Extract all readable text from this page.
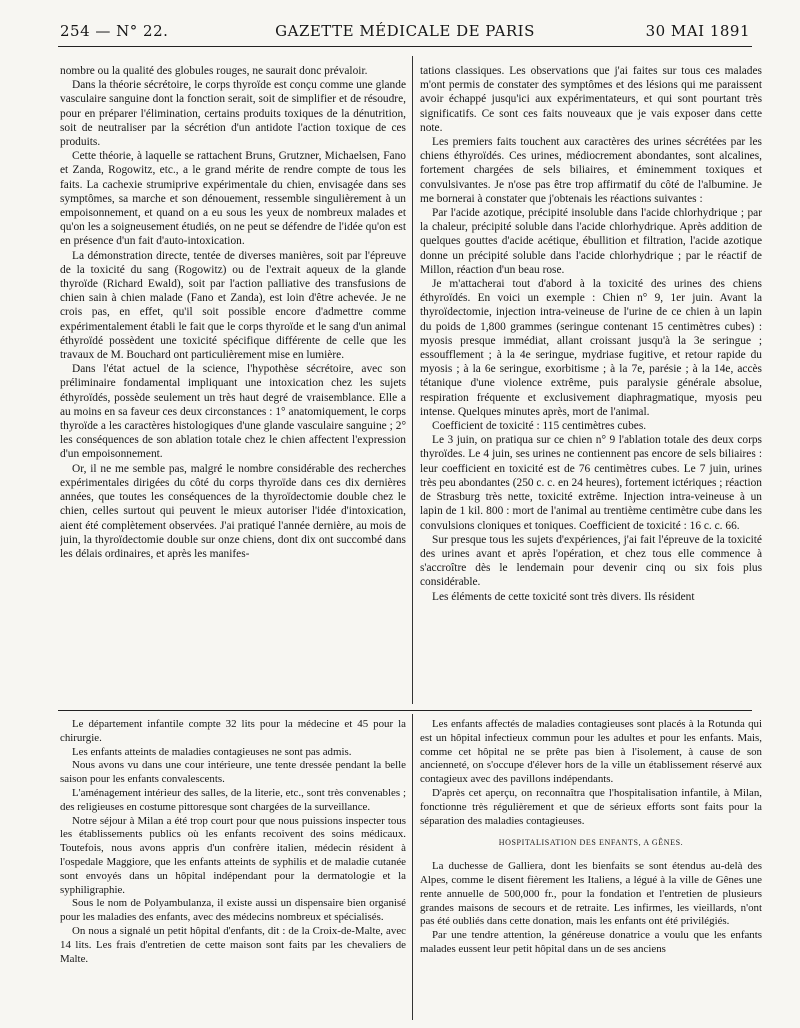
254 — N° 22.	GAZETTE MÉDICALE DE PARIS	30 MAI 1891

nombre ou la qualité des globules rouges, ne saurait donc prévaloir.

Dans la théorie sécrétoire, le corps thyroïde est conçu comme une glande vasculaire sanguine dont la fonction serait, soit de simplifier et de résoudre, pour en préparer l'élimination, certains produits toxiques de la dénutrition, soit de neutraliser par la sécrétion d'un antidote l'action toxique de ces produits.

Cette théorie, à laquelle se rattachent Bruns, Grutzner, Michaelsen, Fano et Zanda, Rogowitz, etc., a le grand mérite de rendre compte de tous les faits. La cachexie strumiprive expérimentale du chien, envisagée dans ses symptômes, sa marche et son dénouement, ressemble singulièrement à un empoisonnement, et quand on a eu sous les yeux de nombreux malades et qu'on les a soigneusement étudiés, on ne peut se défendre de l'idée qu'on est en présence d'un fait d'auto-intoxication.

La démonstration directe, tentée de diverses manières, soit par l'épreuve de la toxicité du sang (Rogowitz) ou de l'extrait aqueux de la glande thyroïde (Richard Ewald), soit par l'action palliative des transfusions de chien sain à chien malade (Fano et Zanda), est loin d'être achevée. Je ne crois pas, en effet, qu'il soit possible encore d'admettre comme expérimentalement établi le fait que le corps thyroïde et le sang d'un animal éthyroïdé possèdent une toxicité spécifique différente de celle que les travaux de M. Bouchard ont particulièrement mise en lumière.

Dans l'état actuel de la science, l'hypothèse sécrétoire, avec son préliminaire fondamental impliquant une intoxication chez les sujets éthyroïdés, possède seulement un très haut degré de vraisemblance. Elle a au moins en sa faveur ces deux circonstances : 1° anatomiquement, le corps thyroïde a les caractères histologiques d'une glande vasculaire sanguine ; 2° les conséquences de son ablation totale chez le chien affectent l'expression d'un empoisonnement.

Or, il ne me semble pas, malgré le nombre considérable des recherches expérimentales dirigées du côté du corps thyroïde dans ces dix dernières années, que toutes les conséquences de la thyroïdectomie double chez le chien, celles surtout qui peuvent le mieux autoriser l'idée d'intoxication, aient été complètement observées. J'ai pratiqué l'année dernière, au mois de juin, la thyroïdectomie double sur onze chiens, dont dix ont succombé dans les délais ordinaires, et après les manifes-

tations classiques. Les observations que j'ai faites sur tous ces malades m'ont permis de constater des symptômes et des lésions qui me paraissent avoir échappé jusqu'ici aux expérimentateurs, et qui sont pourtant très significatifs. Ce sont ces faits nouveaux que je vais exposer dans cette note.

Les premiers faits touchent aux caractères des urines sécrétées par les chiens éthyroïdés. Ces urines, médiocrement abondantes, sont alcalines, fortement chargées de sels biliaires, et éminemment toxiques et convulsivantes. Je n'ose pas être trop affirmatif du côté de l'albumine. Je me bornerai à constater que j'obtenais les réactions suivantes :

Par l'acide azotique, précipité insoluble dans l'acide chlorhydrique ; par la chaleur, précipité soluble dans l'acide chlorhydrique. Après addition de quelques gouttes d'acide acétique, ébullition et filtration, l'acide azotique donne un précipité soluble dans l'acide chlorhydrique ; par le réactif de Millon, réaction d'un beau rose.

Je m'attacherai tout d'abord à la toxicité des urines des chiens éthyroïdés. En voici un exemple : Chien n° 9, 1er juin. Avant la thyroïdectomie, injection intra-veineuse de l'urine de ce chien à un lapin du poids de 1,800 grammes (seringue contenant 15 centimètres cubes) : myosis presque immédiat, allant croissant jusqu'à la 3e seringue ; essoufflement ; à la 4e seringue, mydriase fugitive, et retour rapide du myosis ; à la 6e seringue, exorbitisme ; à la 7e, parésie ; à la 14e, accès tétanique d'une violence extrême, puis paralysie générale absolue, respiration fréquente et exclusivement diaphragmatique, myosis peu intense. Quelques minutes après, mort de l'animal.

Coefficient de toxicité : 115 centimètres cubes.

Le 3 juin, on pratiqua sur ce chien n° 9 l'ablation totale des deux corps thyroïdes. Le 4 juin, ses urines ne contiennent pas encore de sels biliaires : leur coefficient en toxicité est de 76 centimètres cubes. Le 7 juin, urines très peu abondantes (250 c. c. en 24 heures), fortement ictériques ; réaction de Strasburg très nette, toxicité extrême. Injection intra-veineuse à un lapin de 1 kil. 800 : mort de l'animal au trentième centimètre cube dans les convulsions cloniques et toniques. Coefficient de toxicité : 16 c. c. 66.

Sur presque tous les sujets d'expériences, j'ai fait l'épreuve de la toxicité des urines avant et après l'opération, et chez tous elle commence à s'accroître dès le lendemain pour devenir cinq ou six fois plus considérable.

Les éléments de cette toxicité sont très divers. Ils résident

Le département infantile compte 32 lits pour la médecine et 45 pour la chirurgie.

Les enfants atteints de maladies contagieuses ne sont pas admis.

Nous avons vu dans une cour intérieure, une tente dressée pendant la belle saison pour les enfants convalescents.

L'aménagement intérieur des salles, de la literie, etc., sont très convenables ; des religieuses en costume pittoresque sont chargées de la surveillance.

Notre séjour à Milan a été trop court pour que nous puissions inspecter tous les établissements publics où les enfants recoivent des soins médicaux. Toutefois, nous avons appris d'un confrère italien, médecin résident à l'ospedale Maggiore, que les enfants atteints de syphilis et de maladie cutanée sont envoyés dans un hôpital indépendant pour la dermatologie et la syphiligraphie.

Sous le nom de Polyambulanza, il existe aussi un dispensaire bien organisé pour les maladies des enfants, avec des médecins nombreux et spécialisés.

On nous a signalé un petit hôpital d'enfants, dit : de la Croix-de-Malte, avec 14 lits. Les frais d'entretien de cette maison sont faits par les chevaliers de Malte.

Les enfants affectés de maladies contagieuses sont placés à la Rotunda qui est un hôpital infectieux commun pour les adultes et pour les enfants. Mais, comme cet hôpital ne se prête pas bien à l'isolement, à cause de son ancienneté, on s'occupe d'élever hors de la ville un établissement réservé aux contagieux avec des pavillons indépendants.

D'après cet aperçu, on reconnaîtra que l'hospitalisation infantile, à Milan, fonctionne très régulièrement et que de sérieux efforts sont faits pour la séparation des maladies contagieuses.

HOSPITALISATION DES ENFANTS, A GÊNES.

La duchesse de Galliera, dont les bienfaits se sont étendus au-delà des Alpes, comme le disent fièrement les Italiens, a légué à la ville de Gênes une rente annuelle de 500,000 fr., pour la fondation et l'entretien de plusieurs grandes maisons de secours et de retraite. Les infirmes, les vieillards, n'ont pas été oubliés dans cette donation, mais les enfants ont été privilégiés.

Par une tendre attention, la généreuse donatrice a voulu que les enfants malades eussent leur petit hôpital dans un de ses anciens
